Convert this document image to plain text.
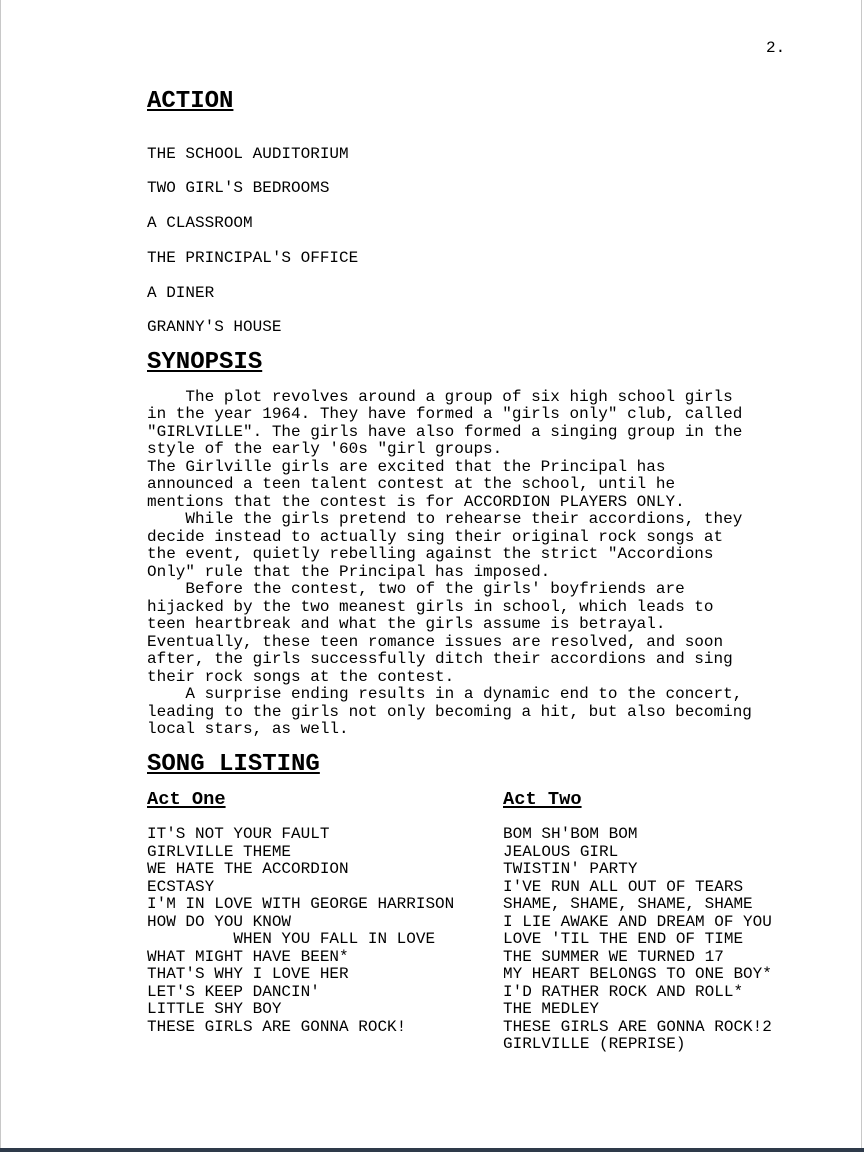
2.
ACTION
THE SCHOOL AUDITORIUM
TWO GIRL'S BEDROOMS
A CLASSROOM
THE PRINCIPAL'S OFFICE
A DINER
GRANNY'S HOUSE
SYNOPSIS

The plot revolves around a group of six high school girls
in the year 1964. They have formed a "girls only" club, called
"GIRLVILLE". The girls have also formed a singing group in the
style of the early '60s "girl groups.

The Girlville girls are excited that the Principal has
announced a teen talent contest at the school, until he
mentions that the contest is for ACCORDION PLAYERS ONLY.

While the girls pretend to rehearse their accordions, they
decide instead to actually sing their original rock songs at
the event, quietly rebelling against the strict "Accordions
Only" rule that the Principal has imposed.

Before the contest, two of the girls' boyfriends are
hijacked by the two meanest girls in school, which leads to
teen heartbreak and what the girls assume is betrayal.
Eventually, these teen romance issues are resolved, and soon
after, the girls successfully ditch their accordions and sing
their rock songs at the contest.

A surprise ending results in a dynamic end to the concert,
leading to the girls not only becoming a hit, but also becoming
local stars, as well.

SONG LISTING
Act One
IT'S NOT YOUR FAULT
GIRLVILLE THEME
WE HATE THE ACCORDION
ECSTASY
I'M IN LOVE WITH GEORGE HARRISON
HOW DO YOU KNOW
WHEN YOU FALL IN LOVE
WHAT MIGHT HAVE BEEN*
THAT'S WHY I LOVE HER
LET'S KEEP DANCIN'
LITTLE SHY BOY
THESE GIRLS ARE GONNA ROCK!
Act Two
BOM SH'BOM BOM
JEALOUS GIRL
TWISTIN' PARTY
I'VE RUN ALL OUT OF TEARS
SHAME, SHAME, SHAME, SHAME
I LIE AWAKE AND DREAM OF YOU
LOVE 'TIL THE END OF TIME
THE SUMMER WE TURNED 17
MY HEART BELONGS TO ONE BOY*
I'D RATHER ROCK AND ROLL*
THE MEDLEY
THESE GIRLS ARE GONNA ROCK!2
GIRLVILLE (REPRISE)
